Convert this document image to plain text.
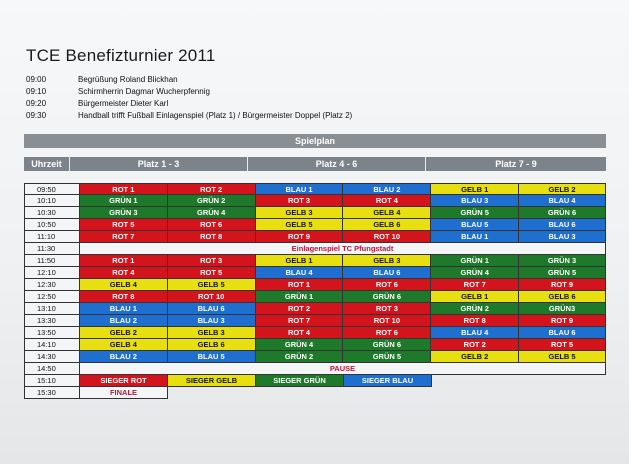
TCE Benefizturnier 2011
09:00	Begrüßung Roland Blickhan
09:10	Schirmherrin Dagmar Wucherpfennig
09:20	Bürgermeister Dieter Karl
09:30	Handball trifft Fußball Einlagenspiel (Platz 1) / Bürgermeister Doppel (Platz 2)
Spielplan
Uhrzeit	Platz 1 - 3	Platz 4 - 6	Platz 7 - 9
09:50	ROT 1	ROT 2	BLAU 1	BLAU 2	GELB 1	GELB 2
10:10	GRÜN 1	GRÜN 2	ROT 3	ROT 4	BLAU 3	BLAU 4
10:30	GRÜN 3	GRÜN 4	GELB 3	GELB 4	GRÜN 5	GRÜN 6
10:50	ROT 5	ROT 6	GELB 5	GELB 6	BLAU 5	BLAU 6
11:10	ROT 7	ROT 8	ROT 9	ROT 10	BLAU 1	BLAU 3
11:30	Einlagenspiel TC Pfungstadt
11:50	ROT 1	ROT 3	GELB 1	GELB 3	GRÜN 1	GRÜN 3
12:10	ROT 4	ROT 5	BLAU 4	BLAU 6	GRÜN 4	GRÜN 5
12:30	GELB 4	GELB 5	ROT 1	ROT 6	ROT 7	ROT 9
12:50	ROT 8	ROT 10	GRÜN 1	GRÜN 6	GELB 1	GELB 6
13:10	BLAU 1	BLAU 6	ROT 2	ROT 3	GRÜN 2	GRÜN3
13:30	BLAU 2	BLAU 3	ROT 7	ROT 10	ROT 8	ROT 9
13:50	GELB 2	GELB 3	ROT 4	ROT 6	BLAU 4	BLAU 6
14:10	GELB 4	GELB 6	GRÜN 4	GRÜN 6	ROT 2	ROT 5
14:30	BLAU 2	BLAU 5	GRÜN 2	GRÜN 5	GELB 2	GELB 5
14:50	PAUSE
15:10	SIEGER ROT	SIEGER GELB	SIEGER GRÜN	SIEGER BLAU
15:30	FINALE
